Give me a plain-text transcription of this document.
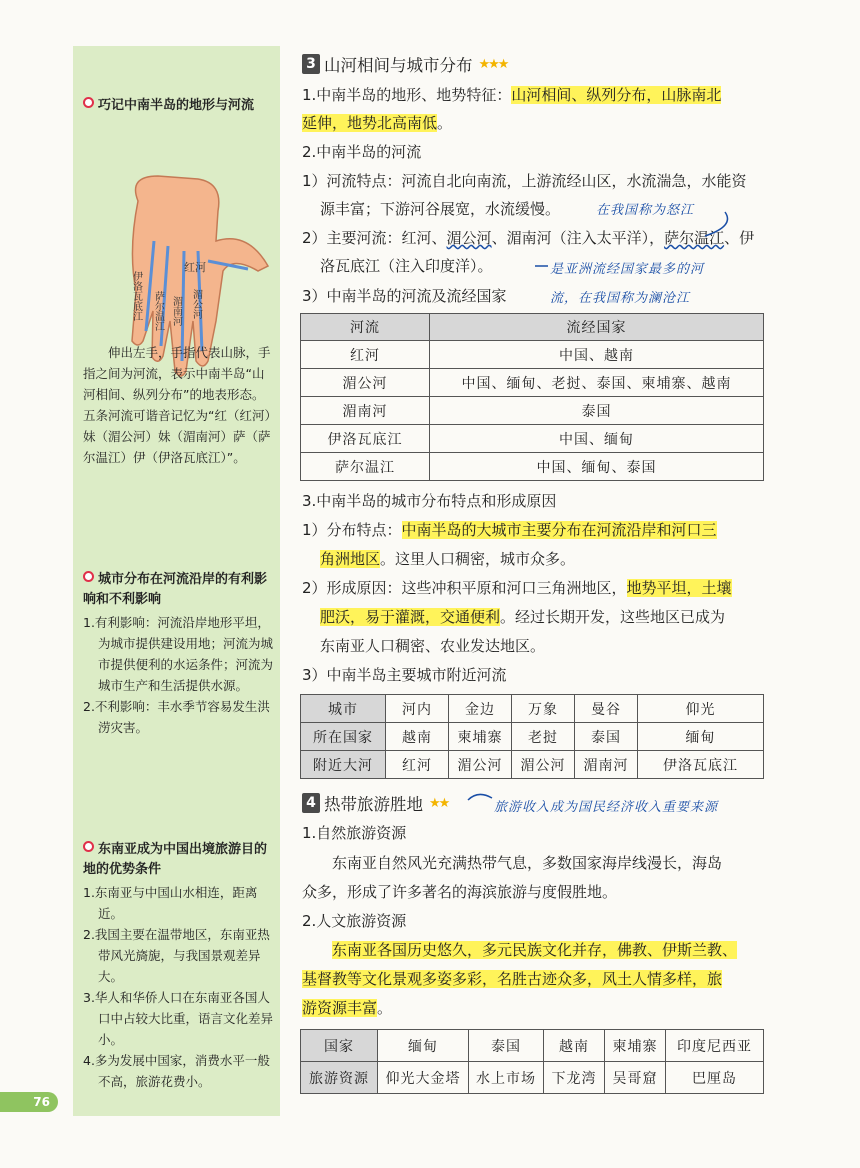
巧记中南半岛的地形与河流
红河
伊洛瓦底江 萨尔温江 湄南河 湄公河

伸出左手，手指代表山脉，手指之间为河流，表示中南半岛“山河相间、纵列分布”的地表形态。五条河流可谐音记忆为“红（红河）妹（湄公河）妹（湄南河）萨（萨尔温江）伊（伊洛瓦底江）”。

城市分布在河流沿岸的有利影响和不利影响
1.有利影响：河流沿岸地形平坦，为城市提供建设用地；河流为城市提供便利的水运条件；河流为城市生产和生活提供水源。
2.不利影响：丰水季节容易发生洪涝灾害。
东南亚成为中国出境旅游目的地的优势条件
1.东南亚与中国山水相连，距离近。
2.我国主要在温带地区，东南亚热带风光旖旎，与我国景观差异大。
3.华人和华侨人口在东南亚各国人口中占较大比重，语言文化差异小。
4.多为发展中国家，消费水平一般不高，旅游花费小。
76
3 山河相间与城市分布 ★★★
1.中南半岛的地形、地势特征：山河相间、纵列分布，山脉南北
延伸，地势北高南低。
2.中南半岛的河流
1）河流特点：河流自北向南流，上游流经山区，水流湍急，水能资
源丰富；下游河谷展宽，水流缓慢。	在我国称为怒江
2）主要河流：红河、湄公河、湄南河（注入太平洋），萨尔温江、伊
洛瓦底江（注入印度洋）。	是亚洲流经国家最多的河
3）中南半岛的河流及流经国家	流，在我国称为澜沧江
河流	流经国家
红河	中国、越南
湄公河	中国、缅甸、老挝、泰国、柬埔寨、越南
湄南河	泰国
伊洛瓦底江	中国、缅甸
萨尔温江	中国、缅甸、泰国
3.中南半岛的城市分布特点和形成原因
1）分布特点：中南半岛的大城市主要分布在河流沿岸和河口三
角洲地区。这里人口稠密，城市众多。
2）形成原因：这些冲积平原和河口三角洲地区，地势平坦，土壤
肥沃，易于灌溉，交通便利。经过长期开发，这些地区已成为
东南亚人口稠密、农业发达地区。
3）中南半岛主要城市附近河流
城市	河内	金边	万象	曼谷	仰光
所在国家	越南	柬埔寨	老挝	泰国	缅甸
附近大河	红河	湄公河	湄公河	湄南河	伊洛瓦底江
4 热带旅游胜地 ★★	旅游收入成为国民经济收入重要来源
1.自然旅游资源
东南亚自然风光充满热带气息，多数国家海岸线漫长，海岛
众多，形成了许多著名的海滨旅游与度假胜地。
2.人文旅游资源
东南亚各国历史悠久，多元民族文化并存，佛教、伊斯兰教、
基督教等文化景观多姿多彩，名胜古迹众多，风土人情多样，旅
游资源丰富。
国家	缅甸	泰国	越南	柬埔寨	印度尼西亚
旅游资源	仰光大金塔	水上市场	下龙湾	吴哥窟	巴厘岛
